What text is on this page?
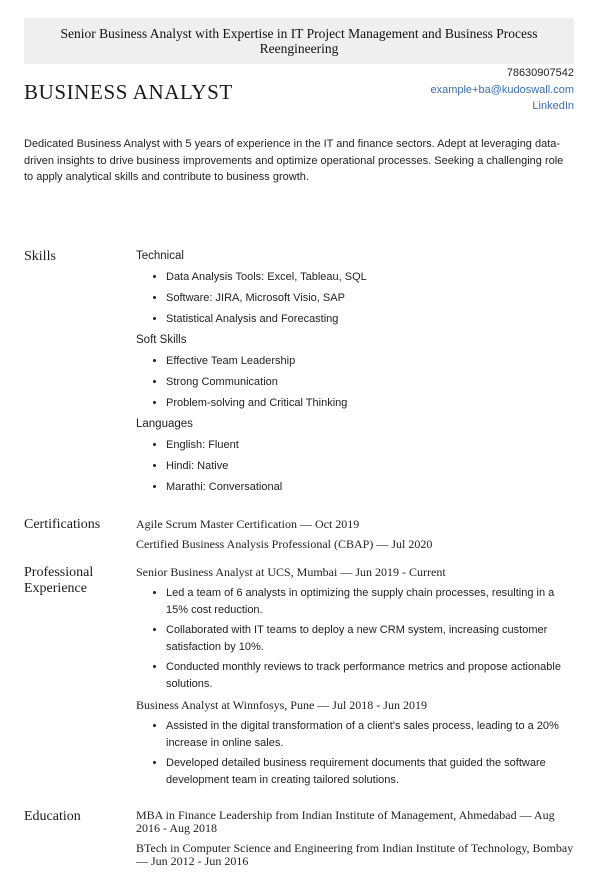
Senior Business Analyst with Expertise in IT Project Management and Business Process Reengineering
BUSINESS ANALYST
78630907542
example+ba@kudoswall.com
LinkedIn
Dedicated Business Analyst with 5 years of experience in the IT and finance sectors. Adept at leveraging data-driven insights to drive business improvements and optimize operational processes. Seeking a challenging role to apply analytical skills and contribute to business growth.
Skills	Technical
• Data Analysis Tools: Excel, Tableau, SQL
• Software: JIRA, Microsoft Visio, SAP
• Statistical Analysis and Forecasting
Soft Skills
• Effective Team Leadership
• Strong Communication
• Problem-solving and Critical Thinking
Languages
• English: Fluent
• Hindi: Native
• Marathi: Conversational
Certifications	Agile Scrum Master Certification — Oct 2019
Certified Business Analysis Professional (CBAP) — Jul 2020
Professional Experience
Senior Business Analyst at UCS, Mumbai — Jun 2019 - Current
• Led a team of 6 analysts in optimizing the supply chain processes, resulting in a 15% cost reduction.
• Collaborated with IT teams to deploy a new CRM system, increasing customer satisfaction by 10%.
• Conducted monthly reviews to track performance metrics and propose actionable solutions.
Business Analyst at Winnfosys, Pune — Jul 2018 - Jun 2019
• Assisted in the digital transformation of a client's sales process, leading to a 20% increase in online sales.
• Developed detailed business requirement documents that guided the software development team in creating tailored solutions.
Education	MBA in Finance Leadership from Indian Institute of Management, Ahmedabad — Aug 2016 - Aug 2018
BTech in Computer Science and Engineering from Indian Institute of Technology, Bombay — Jun 2012 - Jun 2016
